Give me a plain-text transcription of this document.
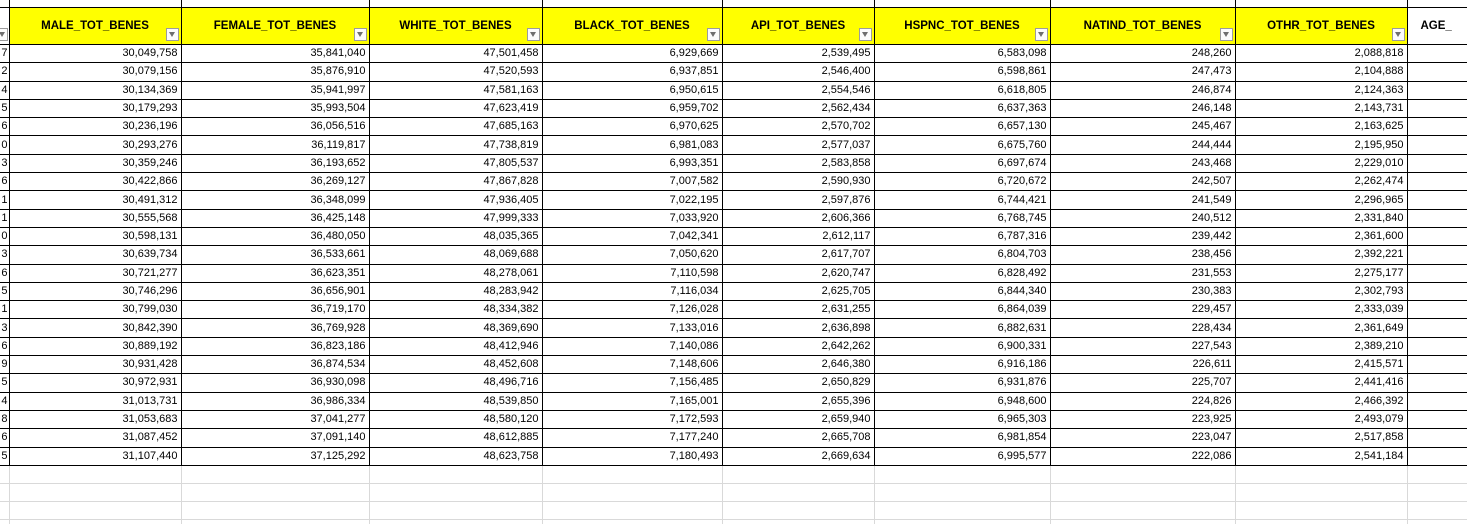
	MALE_TOT_BENES	FEMALE_TOT_BENES	WHITE_TOT_BENES	BLACK_TOT_BENES	API_TOT_BENES	HSPNC_TOT_BENES	NATIND_TOT_BENES	OTHR_TOT_BENES	AGE_
7	30,049,758	35,841,040	47,501,458	6,929,669	2,539,495	6,583,098	248,260	2,088,818	
2	30,079,156	35,876,910	47,520,593	6,937,851	2,546,400	6,598,861	247,473	2,104,888	
4	30,134,369	35,941,997	47,581,163	6,950,615	2,554,546	6,618,805	246,874	2,124,363	
5	30,179,293	35,993,504	47,623,419	6,959,702	2,562,434	6,637,363	246,148	2,143,731	
6	30,236,196	36,056,516	47,685,163	6,970,625	2,570,702	6,657,130	245,467	2,163,625	
0	30,293,276	36,119,817	47,738,819	6,981,083	2,577,037	6,675,760	244,444	2,195,950	
3	30,359,246	36,193,652	47,805,537	6,993,351	2,583,858	6,697,674	243,468	2,229,010	
6	30,422,866	36,269,127	47,867,828	7,007,582	2,590,930	6,720,672	242,507	2,262,474	
1	30,491,312	36,348,099	47,936,405	7,022,195	2,597,876	6,744,421	241,549	2,296,965	
1	30,555,568	36,425,148	47,999,333	7,033,920	2,606,366	6,768,745	240,512	2,331,840	
0	30,598,131	36,480,050	48,035,365	7,042,341	2,612,117	6,787,316	239,442	2,361,600	
3	30,639,734	36,533,661	48,069,688	7,050,620	2,617,707	6,804,703	238,456	2,392,221	
6	30,721,277	36,623,351	48,278,061	7,110,598	2,620,747	6,828,492	231,553	2,275,177	
5	30,746,296	36,656,901	48,283,942	7,116,034	2,625,705	6,844,340	230,383	2,302,793	
1	30,799,030	36,719,170	48,334,382	7,126,028	2,631,255	6,864,039	229,457	2,333,039	
3	30,842,390	36,769,928	48,369,690	7,133,016	2,636,898	6,882,631	228,434	2,361,649	
6	30,889,192	36,823,186	48,412,946	7,140,086	2,642,262	6,900,331	227,543	2,389,210	
9	30,931,428	36,874,534	48,452,608	7,148,606	2,646,380	6,916,186	226,611	2,415,571	
5	30,972,931	36,930,098	48,496,716	7,156,485	2,650,829	6,931,876	225,707	2,441,416	
4	31,013,731	36,986,334	48,539,850	7,165,001	2,655,396	6,948,600	224,826	2,466,392	
8	31,053,683	37,041,277	48,580,120	7,172,593	2,659,940	6,965,303	223,925	2,493,079	
6	31,087,452	37,091,140	48,612,885	7,177,240	2,665,708	6,981,854	223,047	2,517,858	
5	31,107,440	37,125,292	48,623,758	7,180,493	2,669,634	6,995,577	222,086	2,541,184	
